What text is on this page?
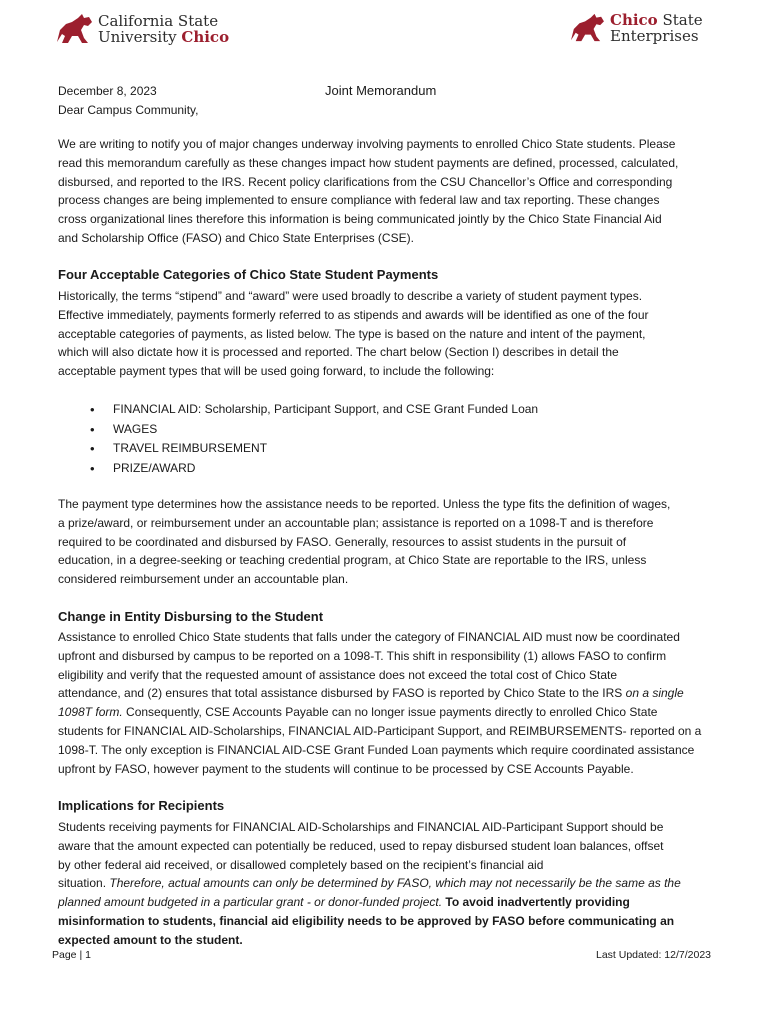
California State
University Chico
Chico State
Enterprises
December 8, 2023	Joint Memorandum
Dear Campus Community,
We are writing to notify you of major changes underway involving payments to enrolled Chico State students. Please
read this memorandum carefully as these changes impact how student payments are defined, processed, calculated,
disbursed, and reported to the IRS. Recent policy clarifications from the CSU Chancellor’s Office and corresponding
process changes are being implemented to ensure compliance with federal law and tax reporting. These changes
cross organizational lines therefore this information is being communicated jointly by the Chico State Financial Aid
and Scholarship Office (FASO) and Chico State Enterprises (CSE).
Four Acceptable Categories of Chico State Student Payments
Historically, the terms “stipend” and “award” were used broadly to describe a variety of student payment types.
Effective immediately, payments formerly referred to as stipends and awards will be identified as one of the four
acceptable categories of payments, as listed below. The type is based on the nature and intent of the payment,
which will also dictate how it is processed and reported. The chart below (Section I) describes in detail the
acceptable payment types that will be used going forward, to include the following:
• FINANCIAL AID: Scholarship, Participant Support, and CSE Grant Funded Loan
• WAGES
• TRAVEL REIMBURSEMENT
• PRIZE/AWARD
The payment type determines how the assistance needs to be reported. Unless the type fits the definition of wages,
a prize/award, or reimbursement under an accountable plan; assistance is reported on a 1098-T and is therefore
required to be coordinated and disbursed by FASO. Generally, resources to assist students in the pursuit of
education, in a degree-seeking or teaching credential program, at Chico State are reportable to the IRS, unless
considered reimbursement under an accountable plan.
Change in Entity Disbursing to the Student
Assistance to enrolled Chico State students that falls under the category of FINANCIAL AID must now be coordinated
upfront and disbursed by campus to be reported on a 1098-T. This shift in responsibility (1) allows FASO to confirm
eligibility and verify that the requested amount of assistance does not exceed the total cost of Chico State
attendance, and (2) ensures that total assistance disbursed by FASO is reported by Chico State to the IRS on a single
1098T form. Consequently, CSE Accounts Payable can no longer issue payments directly to enrolled Chico State
students for FINANCIAL AID-Scholarships, FINANCIAL AID-Participant Support, and REIMBURSEMENTS- reported on a
1098-T. The only exception is FINANCIAL AID-CSE Grant Funded Loan payments which require coordinated assistance
upfront by FASO, however payment to the students will continue to be processed by CSE Accounts Payable.
Implications for Recipients
Students receiving payments for FINANCIAL AID-Scholarships and FINANCIAL AID-Participant Support should be
aware that the amount expected can potentially be reduced, used to repay disbursed student loan balances, offset
by other federal aid received, or disallowed completely based on the recipient’s financial aid
situation. Therefore, actual amounts can only be determined by FASO, which may not necessarily be the same as the
planned amount budgeted in a particular grant - or donor-funded project. To avoid inadvertently providing
misinformation to students, financial aid eligibility needs to be approved by FASO before communicating an
expected amount to the student.
Page | 1	Last Updated: 12/7/2023
